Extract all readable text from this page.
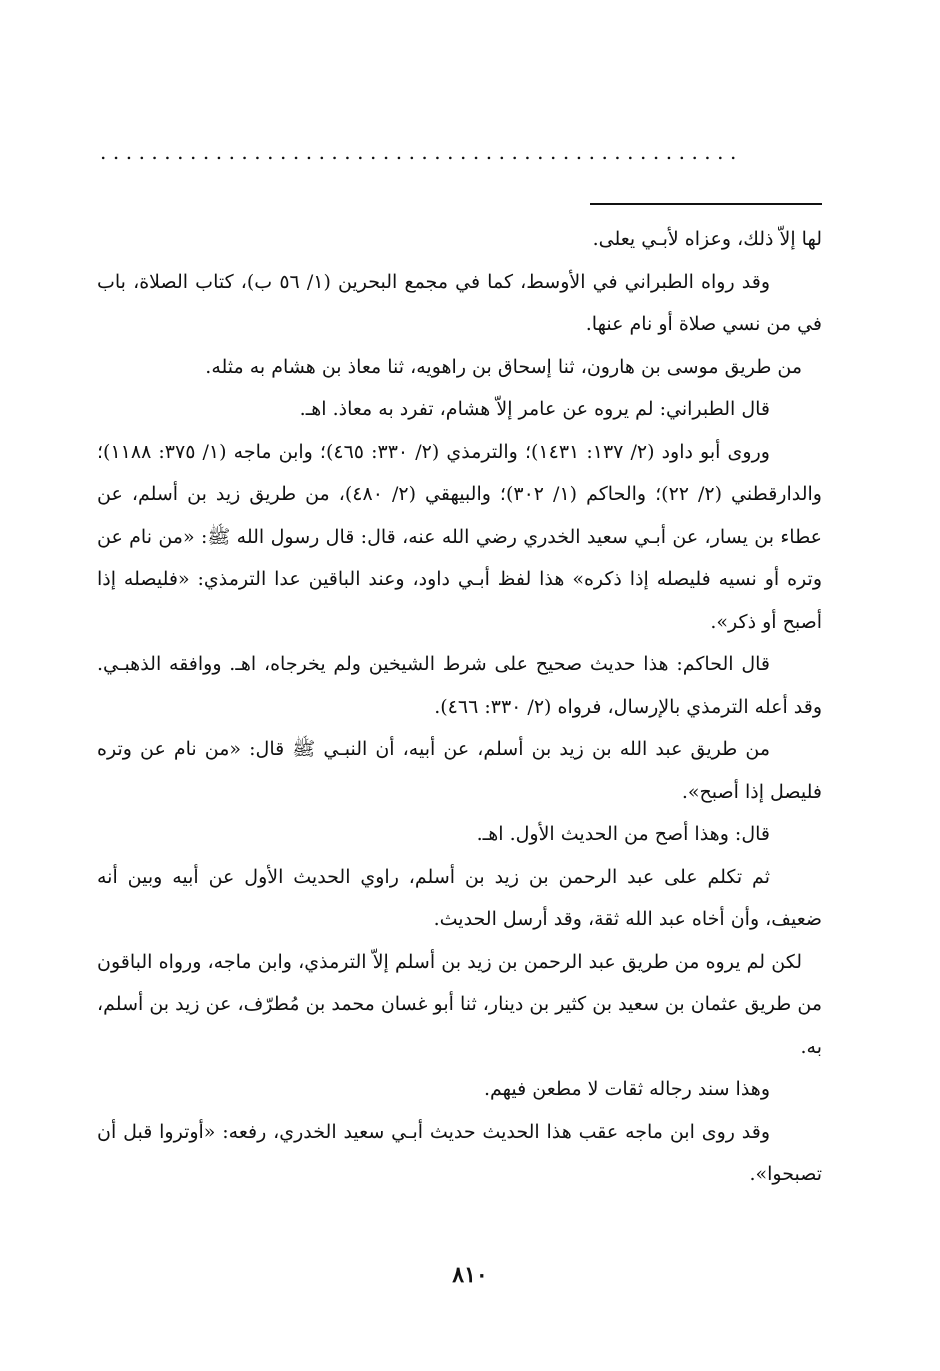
..................................................

لها إلاّ ذلك، وعزاه لأبـي يعلى.

وقد رواه الطبراني في الأوسط، كما في مجمع البحرين (١/ ٥٦ ب)، كتاب الصلاة، باب في من نسي صلاة أو نام عنها.

من طريق موسى بن هارون، ثنا إسحاق بن راهويه، ثنا معاذ بن هشام به مثله.

قال الطبراني: لم يروه عن عامر إلاّ هشام، تفرد به معاذ. اهـ.

وروى أبو داود (٢/ ١٣٧: ١٤٣١)؛ والترمذي (٢/ ٣٣٠: ٤٦٥)؛ وابن ماجه (١/ ٣٧٥: ١١٨٨)؛ والدارقطني (٢/ ٢٢)؛ والحاكم (١/ ٣٠٢)؛ والبيهقي (٢/ ٤٨٠)، من طريق زيد بن أسلم، عن عطاء بن يسار، عن أبـي سعيد الخدري رضي الله عنه، قال: قال رسول الله ﷺ: «من نام عن وتره أو نسيه فليصله إذا ذكره» هذا لفظ أبـي داود، وعند الباقين عدا الترمذي: «فليصله إذا أصبح أو ذكر».

قال الحاكم: هذا حديث صحيح على شرط الشيخين ولم يخرجاه، اهـ. ووافقه الذهبـي. وقد أعله الترمذي بالإرسال، فرواه (٢/ ٣٣٠: ٤٦٦).

من طريق عبد الله بن زيد بن أسلم، عن أبيه، أن النبـي ﷺ قال: «من نام عن وتره فليصل إذا أصبح».

قال: وهذا أصح من الحديث الأول. اهـ.

ثم تكلم على عبد الرحمن بن زيد بن أسلم، راوي الحديث الأول عن أبيه وبين أنه ضعيف، وأن أخاه عبد الله ثقة، وقد أرسل الحديث.

لكن لم يروه من طريق عبد الرحمن بن زيد بن أسلم إلاّ الترمذي، وابن ماجه، ورواه الباقون من طريق عثمان بن سعيد بن كثير بن دينار، ثنا أبو غسان محمد بن مُطرّف، عن زيد بن أسلم، به.

وهذا سند رجاله ثقات لا مطعن فيهم.

وقد روى ابن ماجه عقب هذا الحديث حديث أبـي سعيد الخدري، رفعه: «أوتروا قبل أن تصبحوا».

٨١٠
